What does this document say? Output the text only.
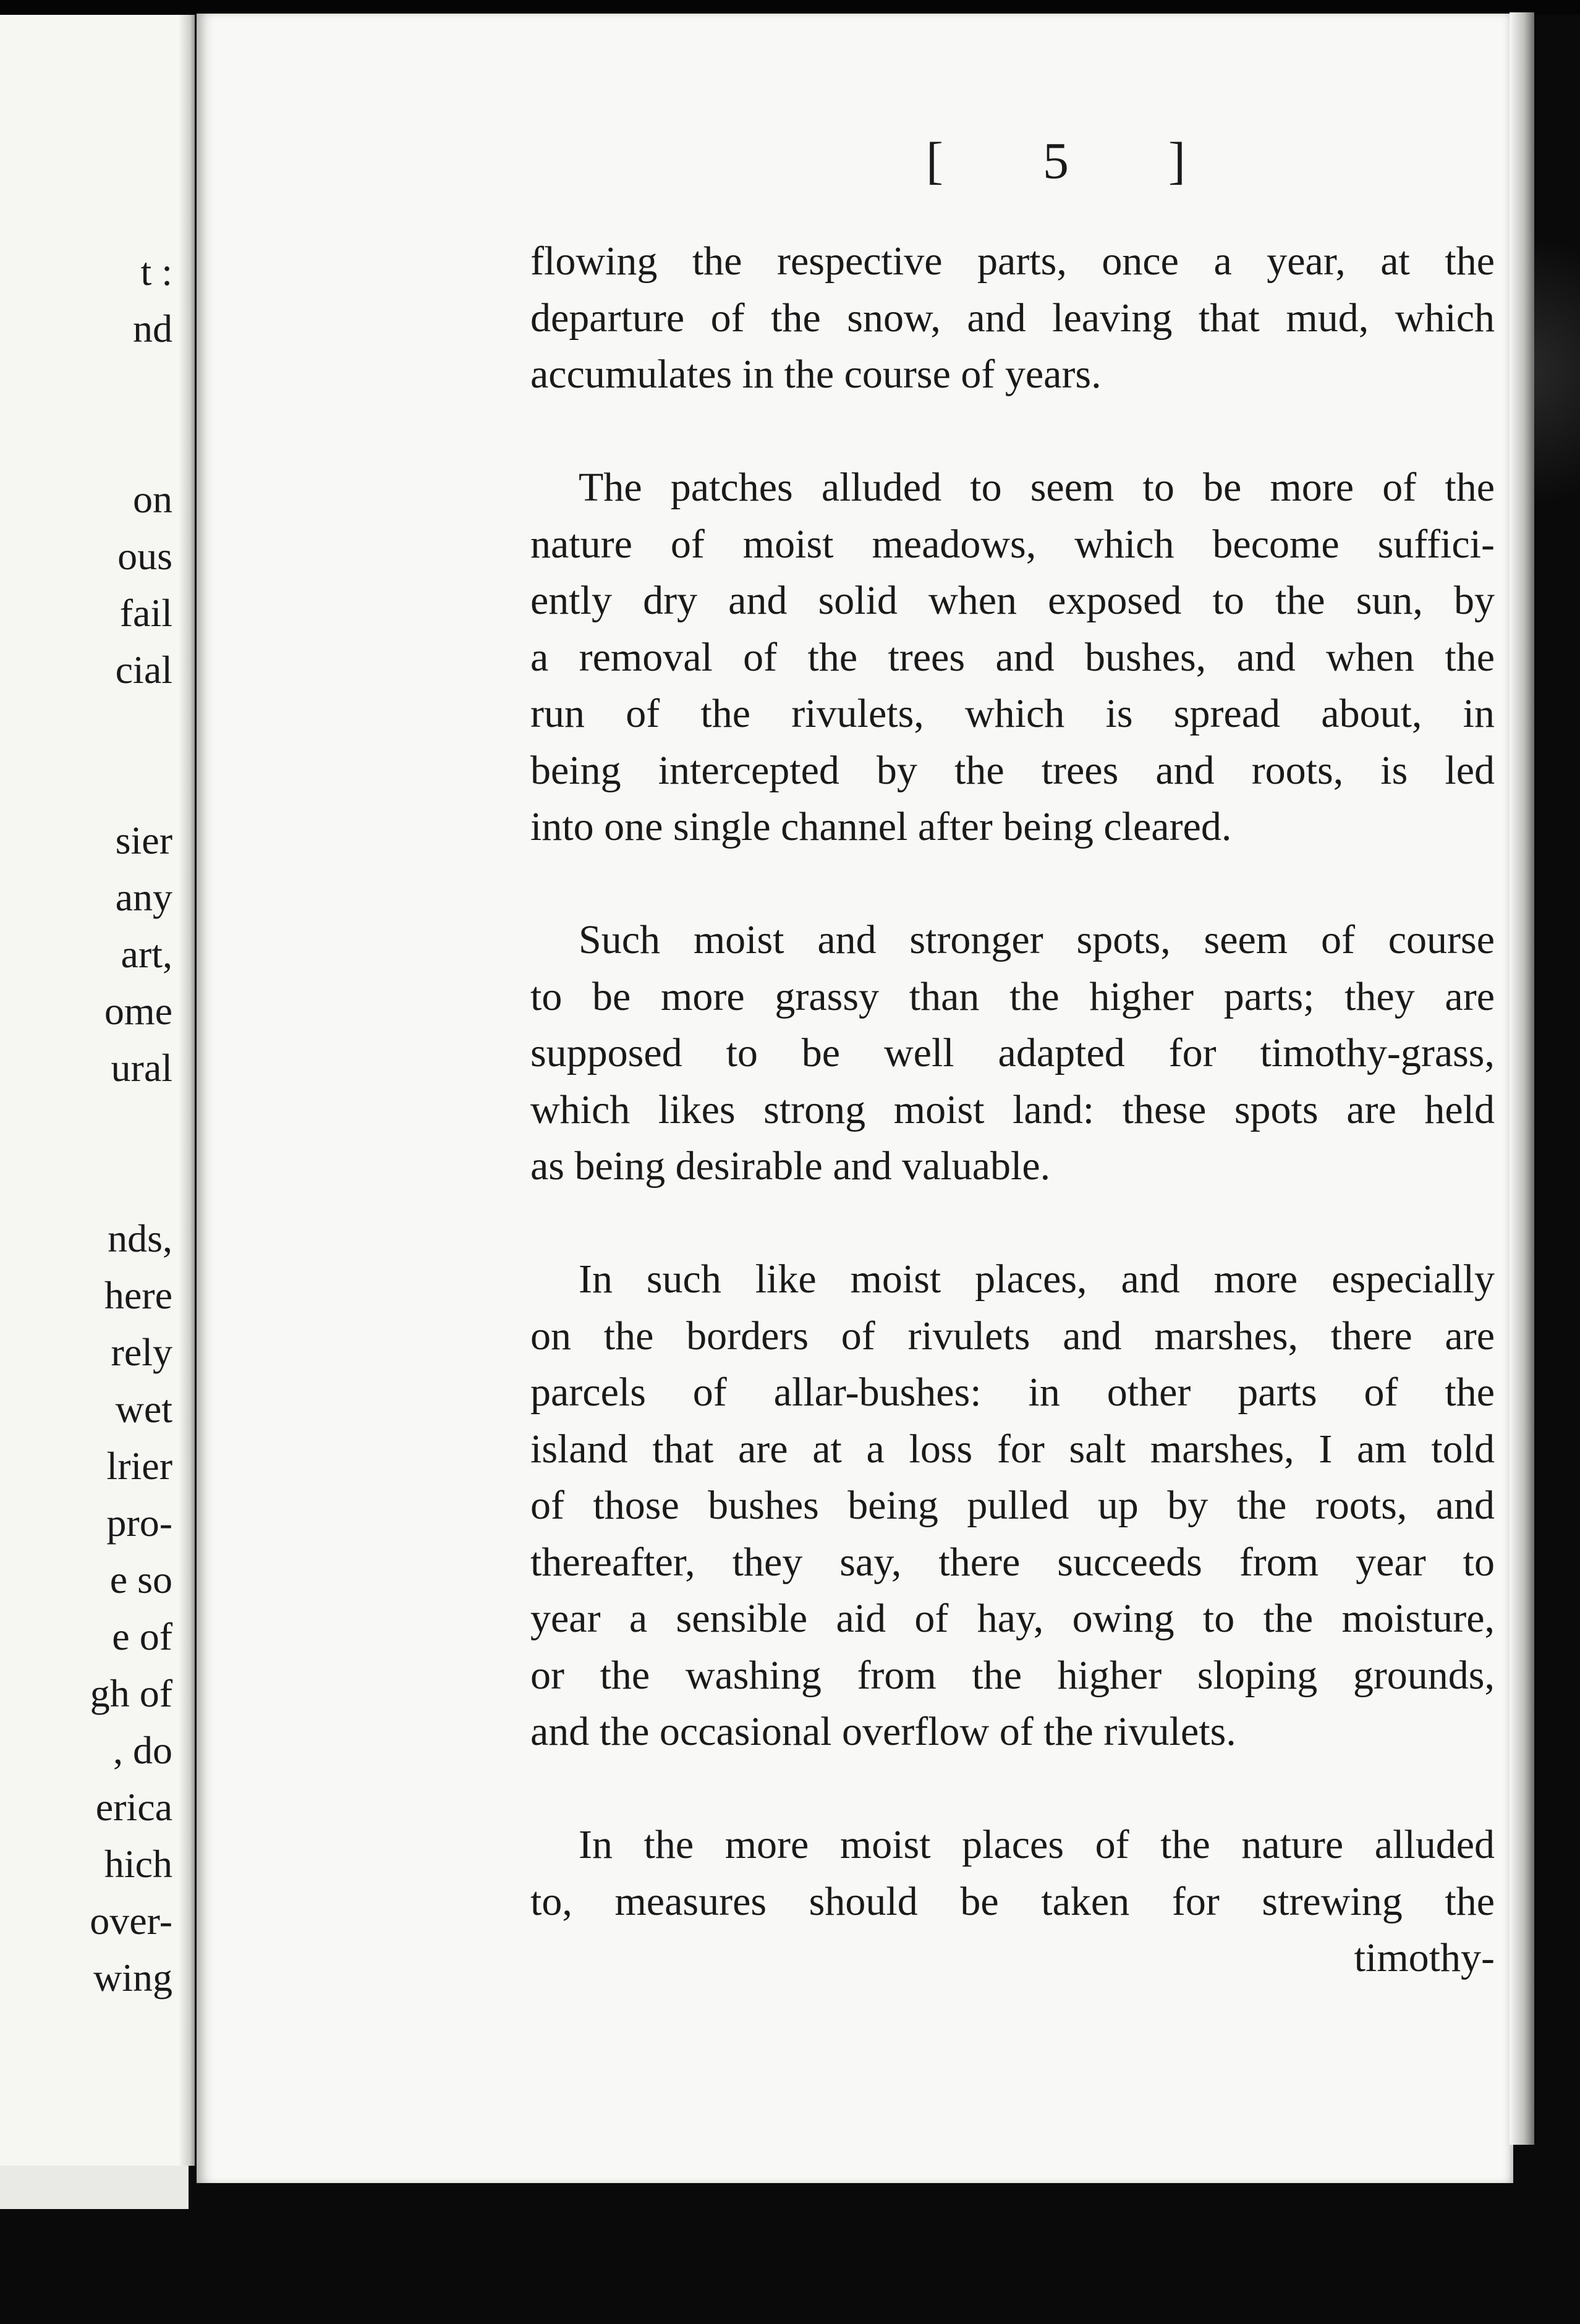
t :
nd
on
ous
fail
cial
sier
any
art,
ome
ural
nds,
here
rely
wet
lrier
pro-
e so
e of
gh of
, do
erica
hich
over-
wing
[ 5 ]
flowing the respective parts, once a year, at the
departure of the snow, and leaving that mud, which
accumulates in the course of years.
The patches alluded to seem to be more of the
nature of moist meadows, which become suffici-
ently dry and solid when exposed to the sun, by
a removal of the trees and bushes, and when the
run of the rivulets, which is spread about, in
being intercepted by the trees and roots, is led
into one single channel after being cleared.
Such moist and stronger spots, seem of course
to be more grassy than the higher parts; they are
supposed to be well adapted for timothy-grass,
which likes strong moist land: these spots are held
as being desirable and valuable.
In such like moist places, and more especially
on the borders of rivulets and marshes, there are
parcels of allar-bushes: in other parts of the
island that are at a loss for salt marshes, I am told
of those bushes being pulled up by the roots, and
thereafter, they say, there succeeds from year to
year a sensible aid of hay, owing to the moisture,
or the washing from the higher sloping grounds,
and the occasional overflow of the rivulets.
In the more moist places of the nature alluded
to, measures should be taken for strewing the
timothy-
